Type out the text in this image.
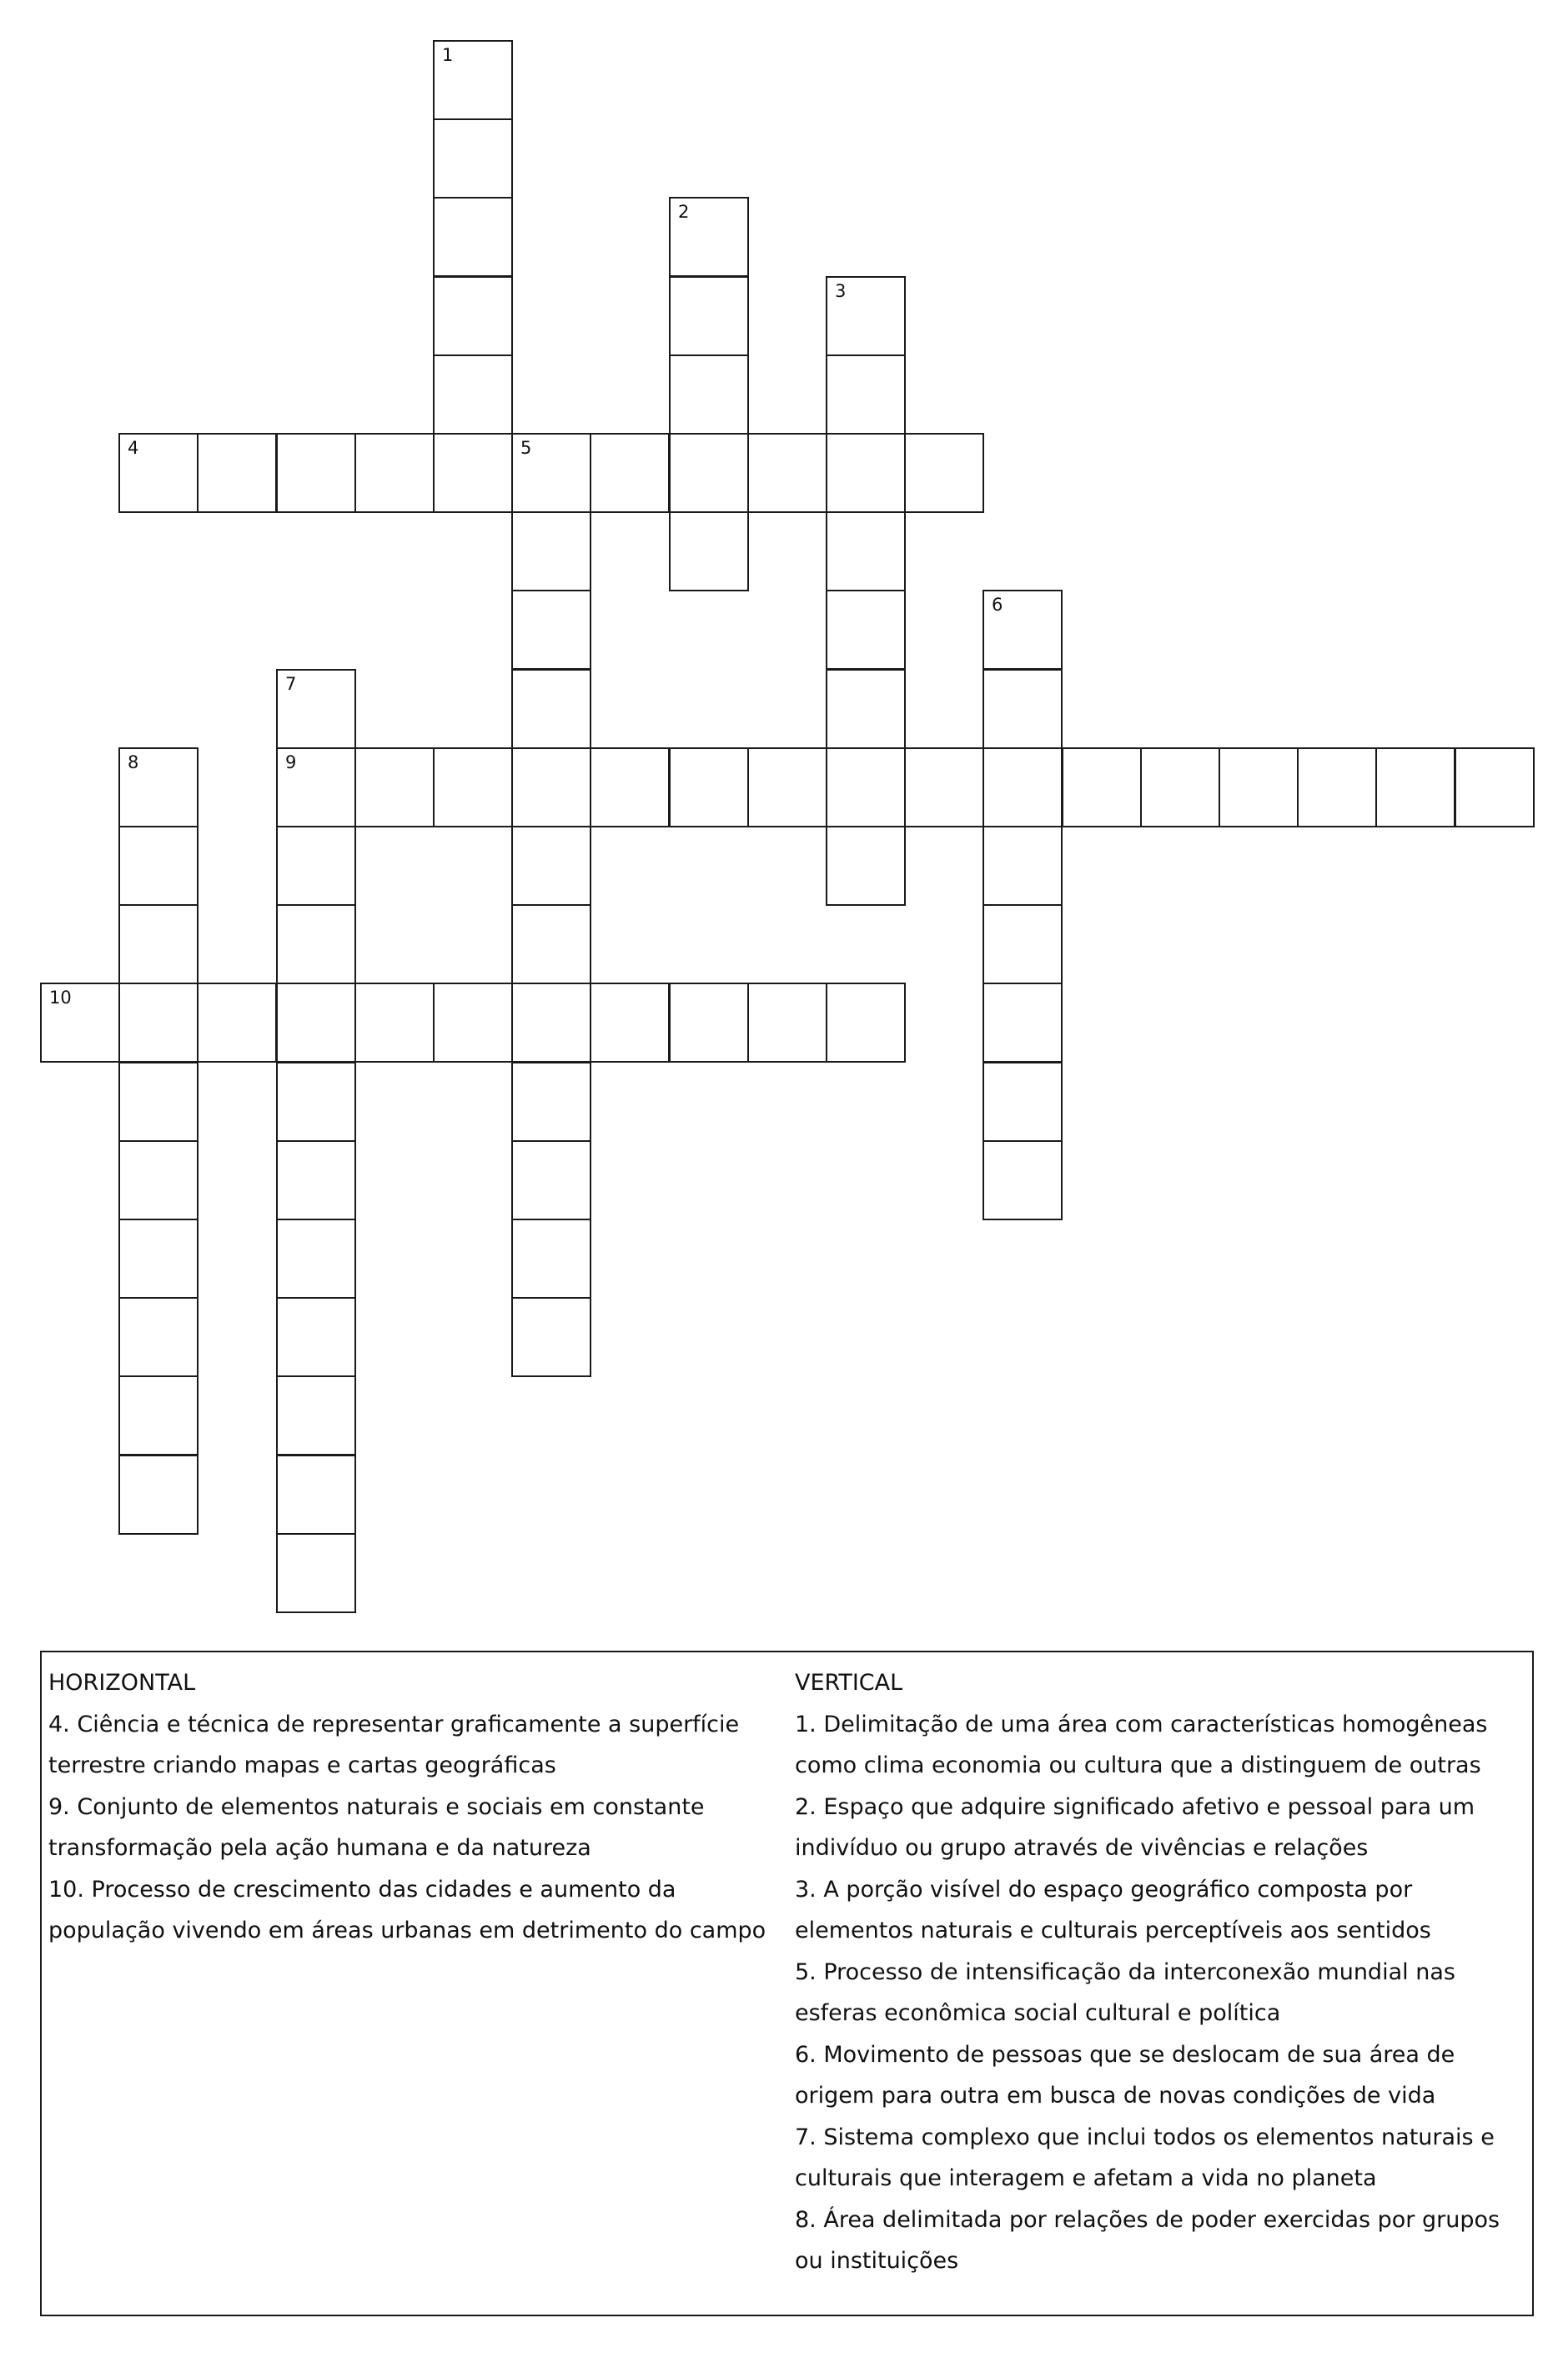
1
2
3
4	5
6
7
8	9
10
HORIZONTAL
4. Ciência e técnica de representar graficamente a superfície terrestre criando mapas e cartas geográficas
9. Conjunto de elementos naturais e sociais em constante transformação pela ação humana e da natureza
10. Processo de crescimento das cidades e aumento da população vivendo em áreas urbanas em detrimento do campo
VERTICAL
1. Delimitação de uma área com características homogêneas como clima economia ou cultura que a distinguem de outras
2. Espaço que adquire significado afetivo e pessoal para um indivíduo ou grupo através de vivências e relações
3. A porção visível do espaço geográfico composta por elementos naturais e culturais perceptíveis aos sentidos
5. Processo de intensificação da interconexão mundial nas esferas econômica social cultural e política
6. Movimento de pessoas que se deslocam de sua área de origem para outra em busca de novas condições de vida
7. Sistema complexo que inclui todos os elementos naturais e culturais que interagem e afetam a vida no planeta
8. Área delimitada por relações de poder exercidas por grupos ou instituições
